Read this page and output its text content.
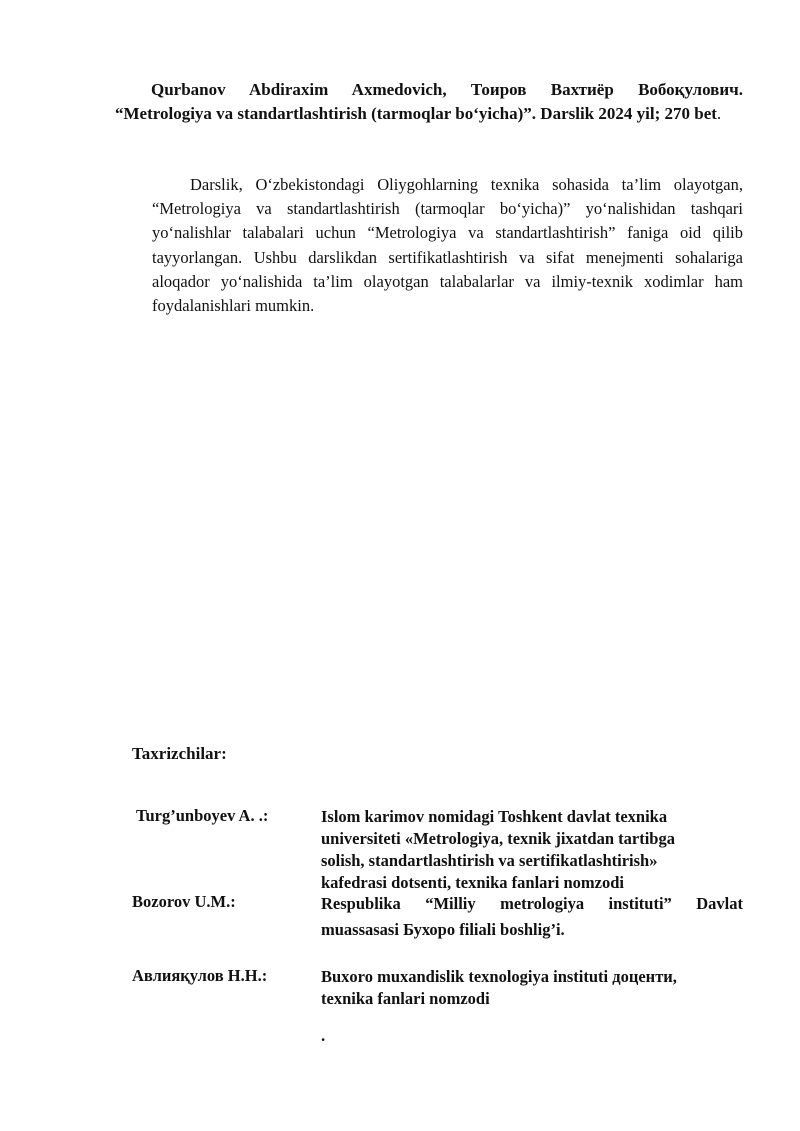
Qurbanov Abdiraxim Axmedovich, Тоиров Вахтиёр Вобоқулович. “Metrologiya va standartlashtirish (tarmoqlar bo‘yicha)”. Darslik 2024 yil; 270 bet.

Darslik, O‘zbekistondagi Oliygohlarning texnika sohasida ta’lim olayotgan, “Metrologiya va standartlashtirish (tarmoqlar bo‘yicha)” yo‘nalishidan tashqari yo‘nalishlar talabalari uchun “Metrologiya va standartlashtirish” faniga oid qilib tayyorlangan. Ushbu darslikdan sertifikatlashtirish va sifat menejmenti sohalariga aloqador yo‘nalishida ta’lim olayotgan talabalarlar va ilmiy-texnik xodimlar ham foydalanishlari mumkin.

Taxrizchilar:

Turg’unboyev A. .:	Islom karimov nomidagi Toshkent davlat texnika
universiteti «Metrologiya, texnik jixatdan tartibga
solish, standartlashtirish va sertifikatlashtirish»
kafedrasi dotsenti, texnika fanlari nomzodi

Bozorov U.M.:	Respublika “Milliy metrologiya instituti” Davlat muassasasi Бухоро filiali boshlig’i.

Авлияқулов Н.Н.:	Buxoro muxandislik texnologiya instituti доценти,
texnika fanlari nomzodi
.
